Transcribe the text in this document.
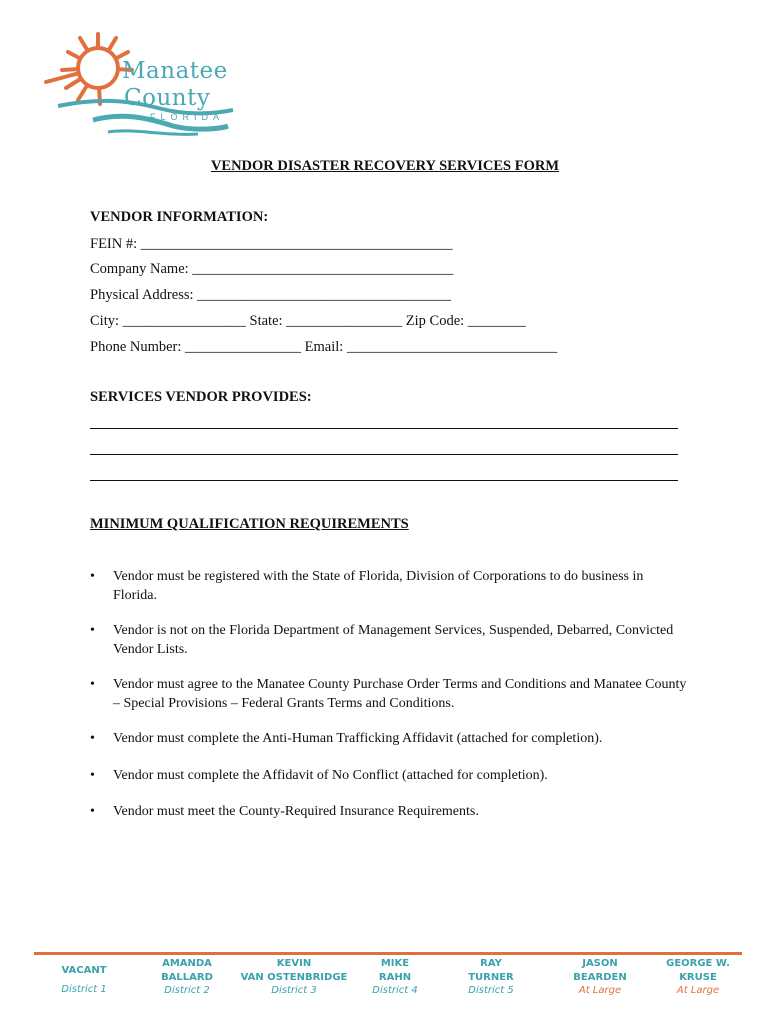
Manatee
County
FLORIDA
VENDOR DISASTER RECOVERY SERVICES FORM
VENDOR INFORMATION:
FEIN #: ___________________________________________
Company Name: ____________________________________
Physical Address: ___________________________________
City: _________________ State: ________________ Zip Code: ________
Phone Number: ________________ Email: _____________________________
SERVICES VENDOR PROVIDES:
MINIMUM QUALIFICATION REQUIREMENTS
• Vendor must be registered with the State of Florida, Division of Corporations to do business in Florida.
• Vendor is not on the Florida Department of Management Services, Suspended, Debarred, Convicted Vendor Lists.
• Vendor must agree to the Manatee County Purchase Order Terms and Conditions and Manatee County – Special Provisions – Federal Grants Terms and Conditions.
• Vendor must complete the Anti-Human Trafficking Affidavit (attached for completion).
• Vendor must complete the Affidavit of No Conflict (attached for completion).
• Vendor must meet the County-Required Insurance Requirements.
VACANT
District 1
AMANDA
BALLARD
District 2
KEVIN
VAN OSTENBRIDGE
District 3
MIKE
RAHN
District 4
RAY
TURNER
District 5
JASON
BEARDEN
At Large
GEORGE W.
KRUSE
At Large
